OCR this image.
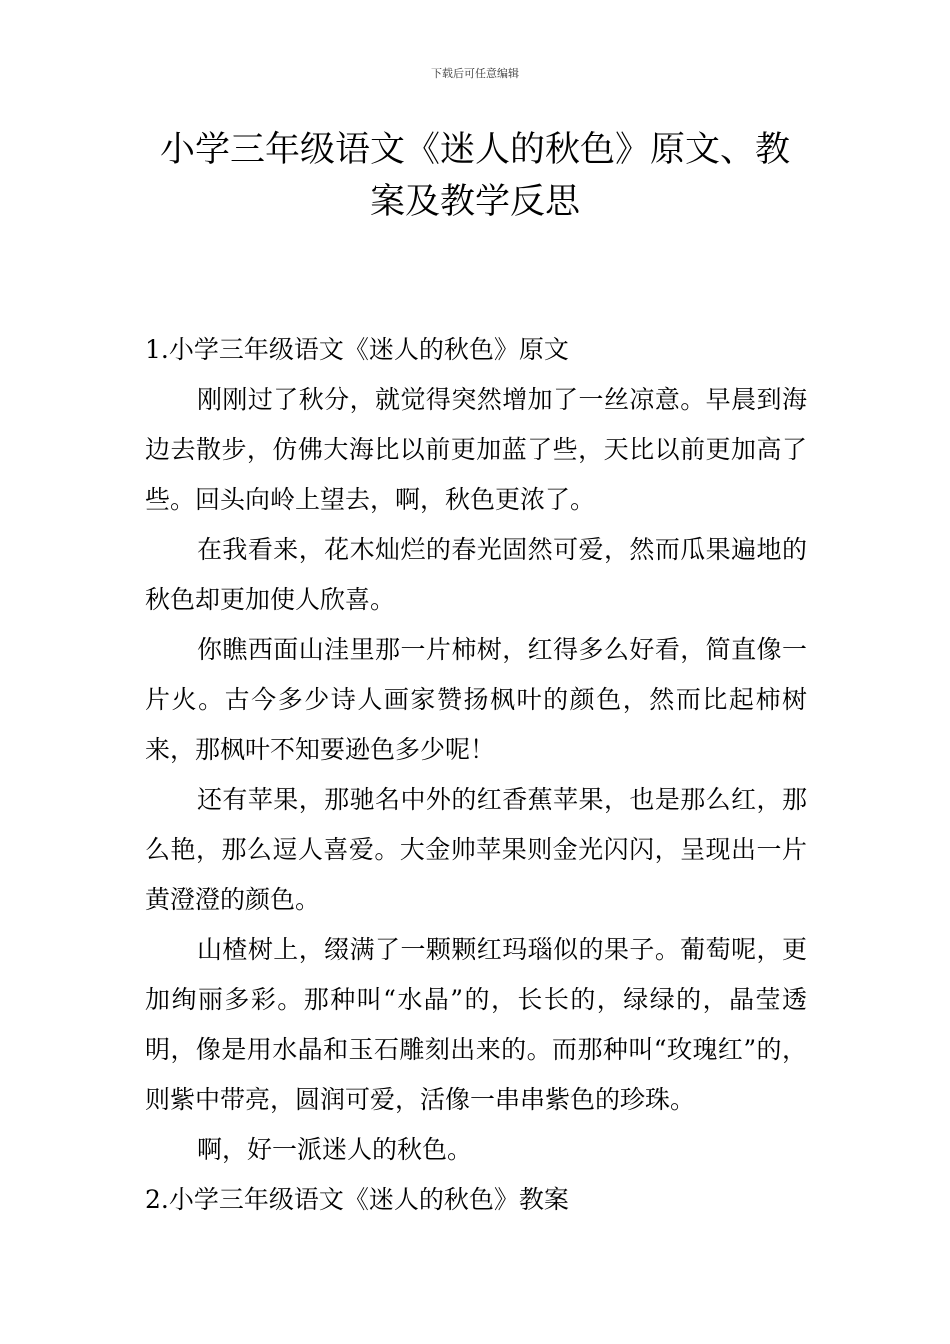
下载后可任意编辑
小学三年级语文《迷人的秋色》原文、教案及教学反思

1.小学三年级语文《迷人的秋色》原文

刚刚过了秋分，就觉得突然增加了一丝凉意。早晨到海边去散步，仿佛大海比以前更加蓝了些，天比以前更加高了些。回头向岭上望去，啊，秋色更浓了。

在我看来，花木灿烂的春光固然可爱，然而瓜果遍地的秋色却更加使人欣喜。

你瞧西面山洼里那一片柿树，红得多么好看，简直像一片火。古今多少诗人画家赞扬枫叶的颜色，然而比起柿树来，那枫叶不知要逊色多少呢！

还有苹果，那驰名中外的红香蕉苹果，也是那么红，那么艳，那么逗人喜爱。大金帅苹果则金光闪闪，呈现出一片黄澄澄的颜色。

山楂树上，缀满了一颗颗红玛瑙似的果子。葡萄呢，更加绚丽多彩。那种叫“水晶”的，长长的，绿绿的，晶莹透明，像是用水晶和玉石雕刻出来的。而那种叫“玫瑰红”的，则紫中带亮，圆润可爱，活像一串串紫色的珍珠。

啊，好一派迷人的秋色。

2.小学三年级语文《迷人的秋色》教案
